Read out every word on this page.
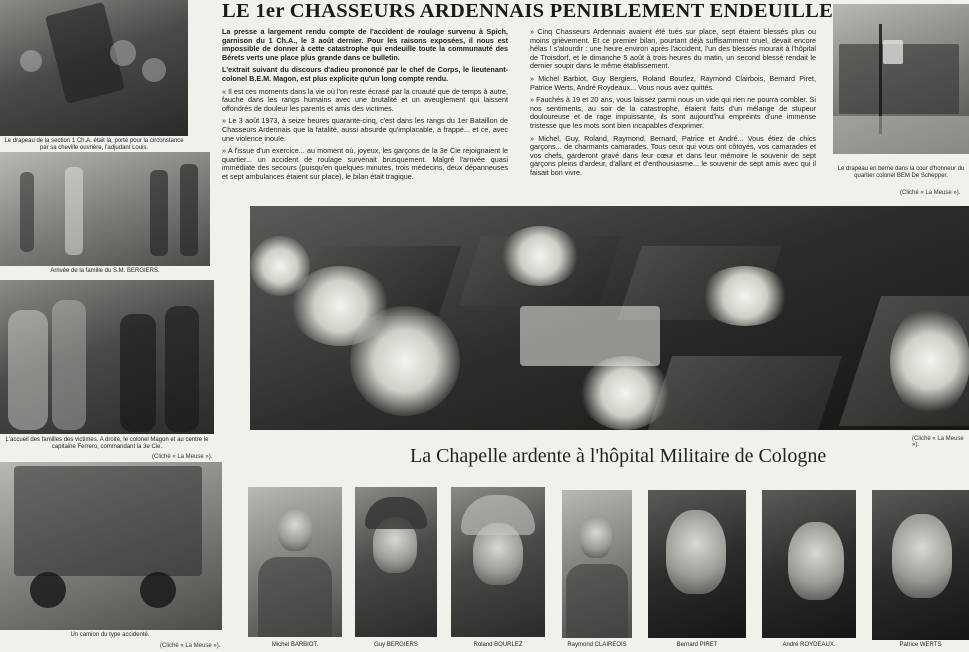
Le drapeau de la section 1 Ch.A. était là, porté pour la circonstance par sa cheville ouvrière, l'adjudant Louis.
Arrivée de la famille du S.M. BERGIERS.
L'accueil des familles des victimes. A droite, le colonel Magon et au centre le capitaine Ferrero, commandant la 3e Cie.
(Cliché « La Meuse »).
Un camion du type accidenté.
(Cliché « La Meuse »).
LE 1er CHASSEURS ARDENNAIS PENIBLEMENT ENDEUILLE

La presse a largement rendu compte de l'accident de roulage survenu à Spich, garnison du 1 Ch.A., le 3 août dernier. Pour les raisons exposées, il nous est impossible de donner à cette catastrophe qui endeuille toute la communauté des Bérets verts une place plus grande dans ce bulletin.

L'extrait suivant du discours d'adieu prononcé par le chef de Corps, le lieutenant-colonel B.E.M. Magon, est plus explicite qu'un long compte rendu.

« Il est ces moments dans la vie où l'on reste écrasé par la cruauté que de temps à autre, fauche dans les rangs humains avec une brutalité et un aveuglement qui laissent offondrés de douleur les parents et amis des victimes.

» Le 3 août 1973, à seize heures quarante-cinq, c'est dans les rangs du 1er Bataillon de Chasseurs Ardennais que la fatalité, aussi absurde qu'implacable, a frappé... et ce, avec une violence inouïe.

» A l'issue d'un exercice... au moment où, joyeux, les garçons de la 3e Cie rejoignaient le quartier... un accident de roulage survenait brusquement. Malgré l'arrivée quasi immédiate des secours (puisqu'en quelques minutes, trois médecins, deux dépanneuses et sept ambulances étaient sur place), le bilan était tragique.

» Cinq Chasseurs Ardennais avaient été tués sur place, sept étaient blessés plus ou moins grièvement. Et ce premier bilan, pourtant déjà suffisamment cruel, devait encore hélas ! s'alourdir : une heure environ après l'accident, l'un des blessés mourait à l'hôpital de Troisdorf, et le dimanche 5 août à trois heures du matin, un second blessé rendait le dernier soupir dans le même établissement.

» Michel Barbiot, Guy Bergiers, Roland Bourlez, Raymond Clairbois, Bernard Piret, Patrice Werts, André Roydeaux... Vous nous avez quittés.

» Fauchés à 19 et 20 ans, vous laissez parmi nous un vide qui rien ne pourra combler. Si nos sentiments, au soir de la catastrophe, étaient faits d'un mélange de stupeur douloureuse et de rage impuissante, ils sont aujourd'hui empreints d'une immense tristesse que les mots sont bien incapables d'exprimer.

» Michel, Guy, Roland, Raymond, Bernard, Patrice et André... Vous étiez de chics garçons... de charmants camarades. Tous ceux qui vous ont côtoyés, vos camarades et vos chefs, garderont gravé dans leur cœur et dans leur mémoire le souvenir de sept garçons pleins d'ardeur, d'allant et d'enthousiasme... le souvenir de sept amis avec qui il faisait bon vivre.	Le drapeau en berne dans la cour d'honneur du quartier colonel BEM De Schepper.
(Cliché « La Meuse »).
(Cliché « La Meuse »).
La Chapelle ardente à l'hôpital Militaire de Cologne
Michel BARBIOT.	Guy BERGIERS	Roland BOURLEZ	Raymond CLAIREOIS	Bernard PIRET	André ROYDEAUX.	Patrice WERTS
